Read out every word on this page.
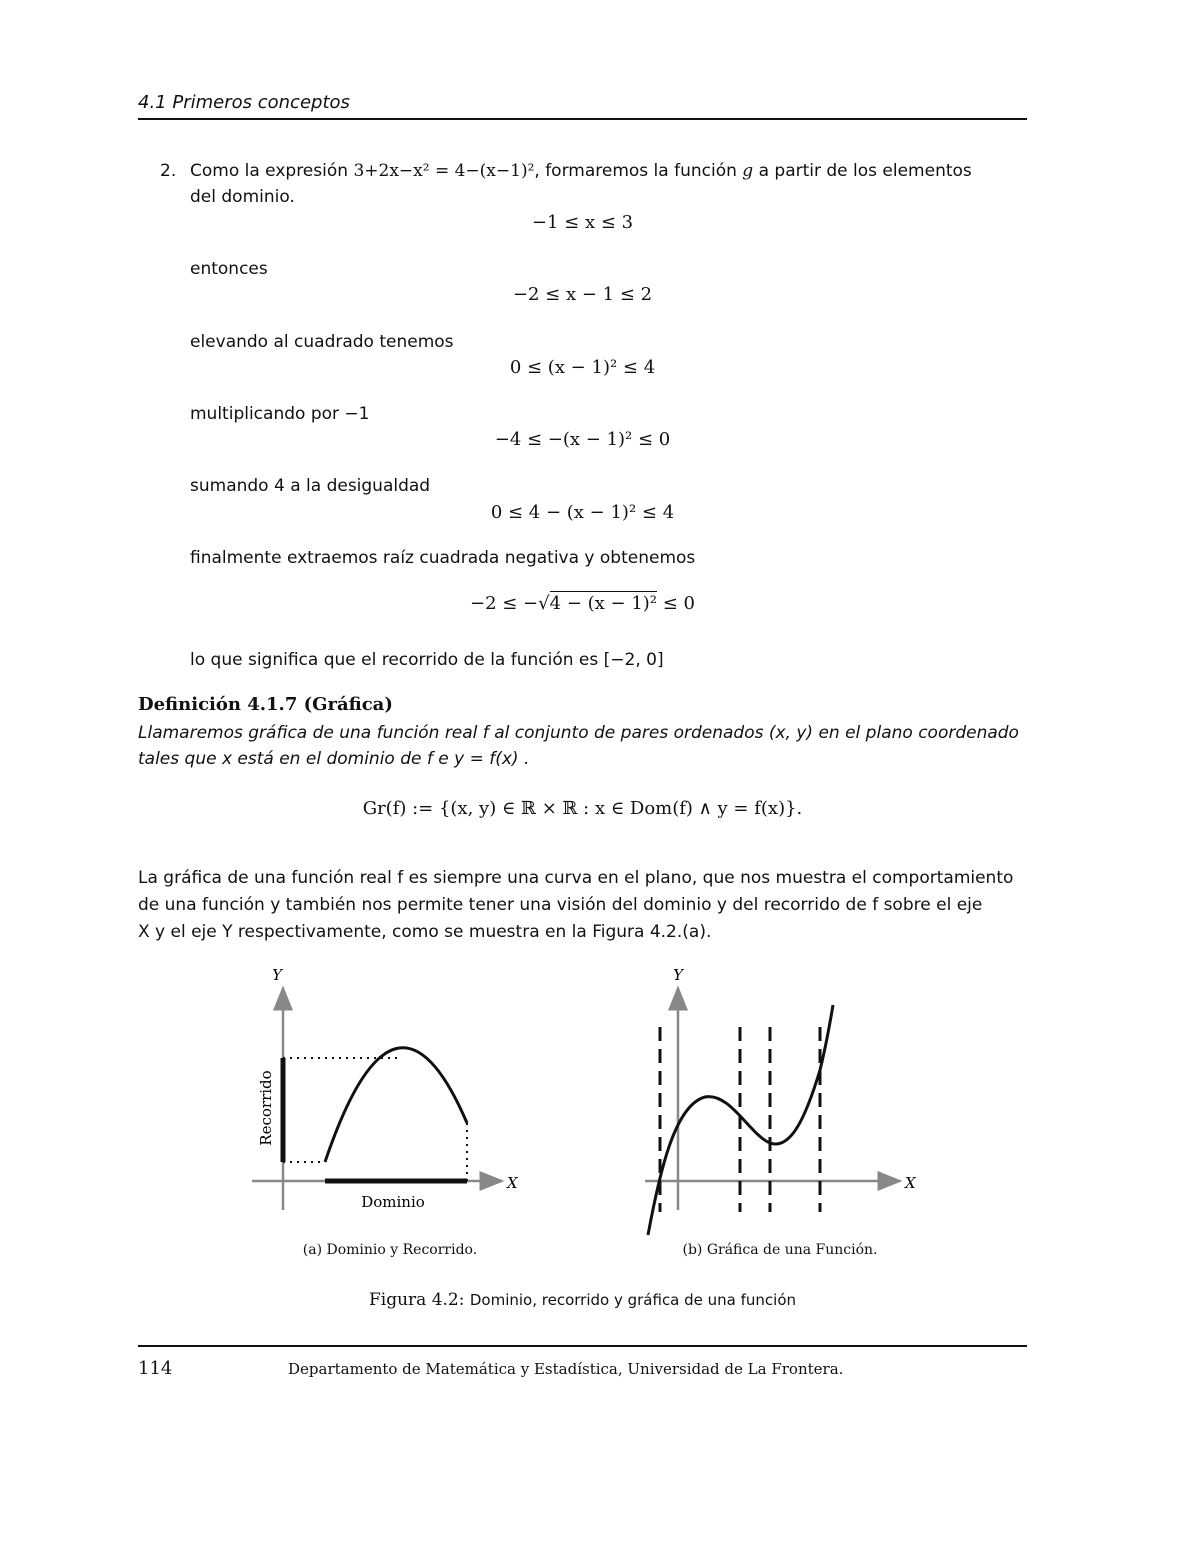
4.1 Primeros conceptos
2. Como la expresión 3+2x−x² = 4−(x−1)², formaremos la función g a partir de los elementos
del dominio.
−1 ≤ x ≤ 3
entonces
−2 ≤ x − 1 ≤ 2
elevando al cuadrado tenemos
0 ≤ (x − 1)² ≤ 4
multiplicando por −1
−4 ≤ −(x − 1)² ≤ 0
sumando 4 a la desigualdad
0 ≤ 4 − (x − 1)² ≤ 4
finalmente extraemos raíz cuadrada negativa y obtenemos
−2 ≤ −√4 − (x − 1)² ≤ 0
lo que significa que el recorrido de la función es [−2, 0]
Definición 4.1.7 (Gráfica)
Llamaremos gráfica de una función real f al conjunto de pares ordenados (x, y) en el plano coordenado
tales que x está en el dominio de f e y = f(x) .
Gr(f) := {(x, y) ∈ ℝ × ℝ : x ∈ Dom(f) ∧ y = f(x)}.
La gráfica de una función real f es siempre una curva en el plano, que nos muestra el comportamiento
de una función y también nos permite tener una visión del dominio y del recorrido de f sobre el eje
X y el eje Y respectivamente, como se muestra en la Figura 4.2.(a).
Y
X
Recorrido
Dominio
(a) Dominio y Recorrido.
Y
X
(b) Gráfica de una Función.
Figura 4.2: Dominio, recorrido y gráfica de una función
114	Departamento de Matemática y Estadística, Universidad de La Frontera.
